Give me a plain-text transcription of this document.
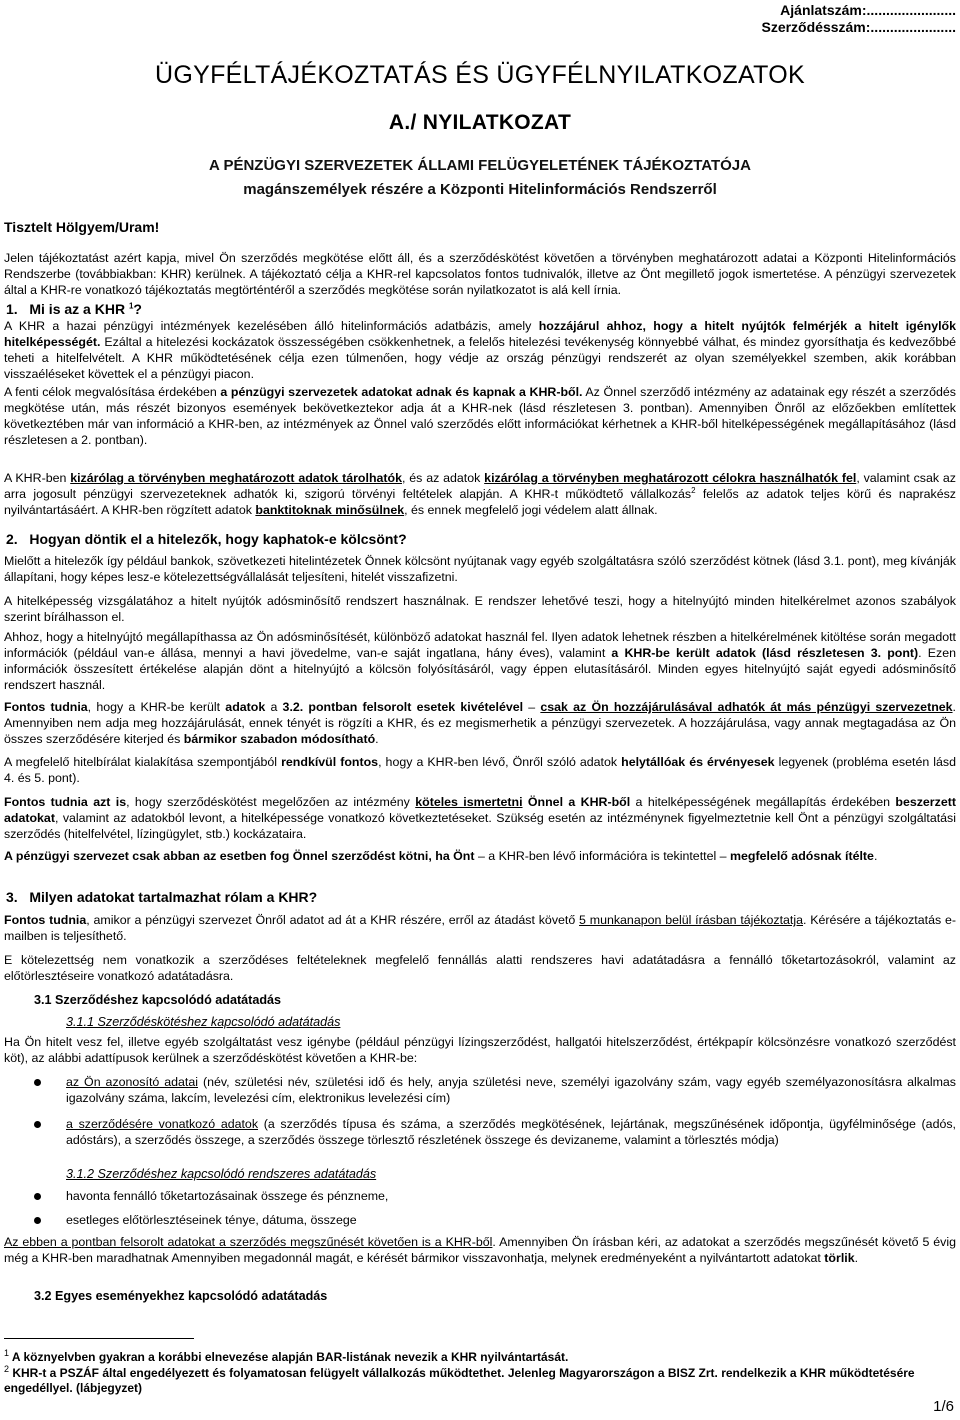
Ajánlatszám:.......................
Szerződésszám:......................
ÜGYFÉLTÁJÉKOZTATÁS ÉS ÜGYFÉLNYILATKOZATOK
A./ NYILATKOZAT
A PÉNZÜGYI SZERVEZETEK ÁLLAMI FELÜGYELETÉNEK TÁJÉKOZTATÓJA
magánszemélyek részére a Központi Hitelinformációs Rendszerről
Tisztelt Hölgyem/Uram!

Jelen tájékoztatást azért kapja, mivel Ön szerződés megkötése előtt áll, és a szerződéskötést követően a törvényben meghatározott adatai a Központi Hitelinformációs Rendszerbe (továbbiakban: KHR) kerülnek. A tájékoztató célja a KHR-rel kapcsolatos fontos tudnivalók, illetve az Önt megillető jogok ismertetése. A pénzügyi szervezetek által a KHR-re vonatkozó tájékoztatás megtörténtéről a szerződés megkötése során nyilatkozatot is alá kell írnia.

1. Mi is az a KHR $^1$?

A KHR a hazai pénzügyi intézmények kezelésében álló hitelinformációs adatbázis, amely hozzájárul ahhoz, hogy a hitelt nyújtók felmérjék a hitelt igénylők hitelképességét. Ezáltal a hitelezési kockázatok összességében csökkenhetnek, a felelős hitelezési tevékenység könnyebbé válhat, és mindez gyorsíthatja és kedvezőbbé teheti a hitelfelvételt. A KHR működtetésének célja ezen túlmenően, hogy védje az ország pénzügyi rendszerét az olyan személyekkel szemben, akik korábban visszaéléseket követtek el a pénzügyi piacon.

A fenti célok megvalósítása érdekében a pénzügyi szervezetek adatokat adnak és kapnak a KHR-ből. Az Önnel szerződő intézmény az adatainak egy részét a szerződés megkötése után, más részét bizonyos események bekövetkeztekor adja át a KHR-nek (lásd részletesen 3. pontban). Amennyiben Önről az előzőekben említettek következtében már van információ a KHR-ben, az intézmények az Önnel való szerződés előtt információkat kérhetnek a KHR-ből hitelképességének megállapításához (lásd részletesen a 2. pontban).

A KHR-ben kizárólag a törvényben meghatározott adatok tárolhatók, és az adatok kizárólag a törvényben meghatározott célokra használhatók fel, valamint csak az arra jogosult pénzügyi szervezeteknek adhatók ki, szigorú törvényi feltételek alapján. A KHR-t működtető vállalkozás$^2$ felelős az adatok teljes körű és naprakész nyilvántartásáért. A KHR-ben rögzített adatok banktitoknak minősülnek, és ennek megfelelő jogi védelem alatt állnak.

2. Hogyan döntik el a hitelezők, hogy kaphatok-e kölcsönt?

Mielőtt a hitelezők így például bankok, szövetkezeti hitelintézetek Önnek kölcsönt nyújtanak vagy egyéb szolgáltatásra szóló szerződést kötnek (lásd 3.1. pont), meg kívánják állapítani, hogy képes lesz-e kötelezettségvállalását teljesíteni, hitelét visszafizetni.

A hitelképesség vizsgálatához a hitelt nyújtók adósminősítő rendszert használnak. E rendszer lehetővé teszi, hogy a hitelnyújtó minden hitelkérelmet azonos szabályok szerint bírálhasson el.

Ahhoz, hogy a hitelnyújtó megállapíthassa az Ön adósminősítését, különböző adatokat használ fel. Ilyen adatok lehetnek részben a hitelkérelmének kitöltése során megadott információk (például van-e állása, mennyi a havi jövedelme, van-e saját ingatlana, hány éves), valamint a KHR-be került adatok (lásd részletesen 3. pont). Ezen információk összesített értékelése alapján dönt a hitelnyújtó a kölcsön folyósításáról, vagy éppen elutasításáról. Minden egyes hitelnyújtó saját egyedi adósminősítő rendszert használ.

Fontos tudnia, hogy a KHR-be került adatok a 3.2. pontban felsorolt esetek kivételével – csak az Ön hozzájárulásával adhatók át más pénzügyi szervezetnek. Amennyiben nem adja meg hozzájárulását, ennek tényét is rögzíti a KHR, és ez megismerhetik a pénzügyi szervezetek. A hozzájárulása, vagy annak megtagadása az Ön összes szerződésére kiterjed és bármikor szabadon módosítható.

A megfelelő hitelbírálat kialakítása szempontjából rendkívül fontos, hogy a KHR-ben lévő, Önről szóló adatok helytállóak és érvényesek legyenek (probléma esetén lásd 4. és 5. pont).

Fontos tudnia azt is, hogy szerződéskötést megelőzően az intézmény köteles ismertetni Önnel a KHR-ből a hitelképességének megállapítás érdekében beszerzett adatokat, valamint az adatokból levont, a hitelképessége vonatkozó következtetéseket. Szükség esetén az intézménynek figyelmeztetnie kell Önt a pénzügyi szolgáltatási szerződés (hitelfelvétel, lízingügylet, stb.) kockázataira.

A pénzügyi szervezet csak abban az esetben fog Önnel szerződést kötni, ha Önt – a KHR-ben lévő információra is tekintettel – megfelelő adósnak ítélte.

3. Milyen adatokat tartalmazhat rólam a KHR?

Fontos tudnia, amikor a pénzügyi szervezet Önről adatot ad át a KHR részére, erről az átadást követő 5 munkanapon belül írásban tájékoztatja. Kérésére a tájékoztatás e-mailben is teljesíthető.

E kötelezettség nem vonatkozik a szerződéses feltételeknek megfelelő fennállás alatti rendszeres havi adatátadásra a fennálló tőketartozásokról, valamint az előtörlesztéseire vonatkozó adatátadásra.

3.1 Szerződéshez kapcsolódó adatátadás
3.1.1 Szerződéskötéshez kapcsolódó adatátadás

Ha Ön hitelt vesz fel, illetve egyéb szolgáltatást vesz igénybe (például pénzügyi lízingszerződést, hallgatói hitelszerződést, értékpapír kölcsönzésre vonatkozó szerződést köt), az alábbi adattípusok kerülnek a szerződéskötést követően a KHR-be:

az Ön azonosító adatai (név, születési név, születési idő és hely, anyja születési neve, személyi igazolvány szám, vagy egyéb személyazonosításra alkalmas igazolvány száma, lakcím, levelezési cím, elektronikus levelezési cím)

a szerződésére vonatkozó adatok (a szerződés típusa és száma, a szerződés megkötésének, lejártának, megszűnésének időpontja, ügyfélminősége (adós, adóstárs), a szerződés összege, a szerződés összege törlesztő részletének összege és devizaneme, valamint a törlesztés módja)

3.1.2 Szerződéshez kapcsolódó rendszeres adatátadás

havonta fennálló tőketartozásainak összege és pénzneme,

esetleges előtörlesztéseinek ténye, dátuma, összege

Az ebben a pontban felsorolt adatokat a szerződés megszűnését követően is a KHR-ből. Amennyiben Ön írásban kéri, az adatokat a szerződés megszűnését követő 5 évig még a KHR-ben maradhatnak Amennyiben megadonnál magát, e kérését bármikor visszavonhatja, melynek eredményeként a nyilvántartott adatokat törlik.

3.2 Egyes eseményekhez kapcsolódó adatátadás

$^1$ A köznyelvben gyakran a korábbi elnevezése alapján BAR-listának nevezik a KHR nyilvántartását.

$^2$ KHR-t a PSZÁF által engedélyezett és folyamatosan felügyelt vállalkozás működtethet. Jelenleg Magyarországon a BISZ Zrt. rendelkezik a KHR működtetésére engedéllyel. (lábjegyzet)

1/6
